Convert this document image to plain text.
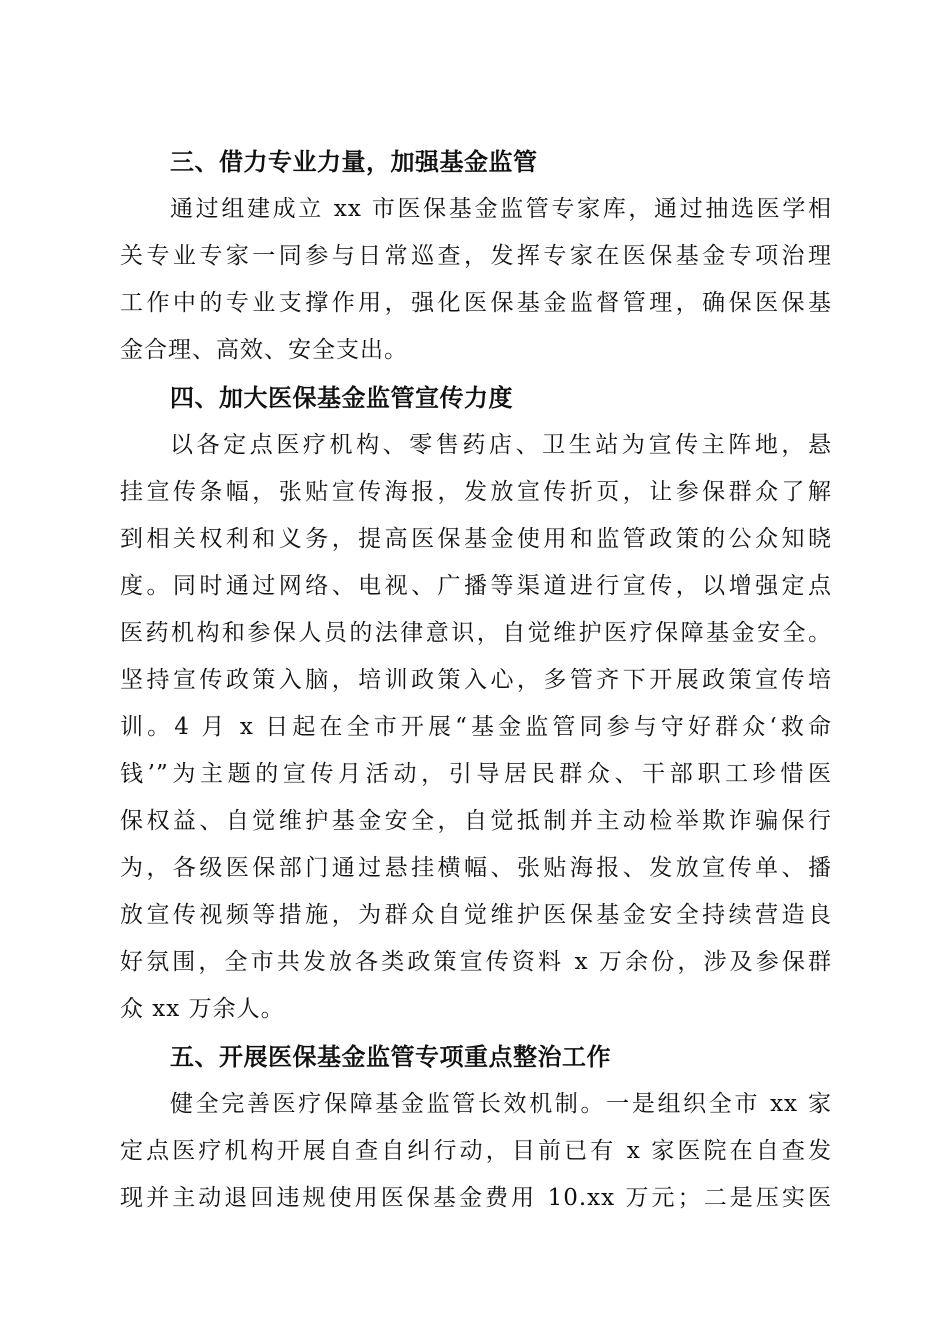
三、借力专业力量，加强基金监管
通过组建成立 xx 市医保基金监管专家库，通过抽选医学相
关专业专家一同参与日常巡查，发挥专家在医保基金专项治理
工作中的专业支撑作用，强化医保基金监督管理，确保医保基
金合理、高效、安全支出。
四、加大医保基金监管宣传力度
以各定点医疗机构、零售药店、卫生站为宣传主阵地，悬
挂宣传条幅，张贴宣传海报，发放宣传折页，让参保群众了解
到相关权利和义务，提高医保基金使用和监管政策的公众知晓
度。同时通过网络、电视、广播等渠道进行宣传，以增强定点
医药机构和参保人员的法律意识，自觉维护医疗保障基金安全。
坚持宣传政策入脑，培训政策入心，多管齐下开展政策宣传培
训。4 月 x 日起在全市开展“基金监管同参与守好群众‘救命
钱’”为主题的宣传月活动，引导居民群众、干部职工珍惜医
保权益、自觉维护基金安全，自觉抵制并主动检举欺诈骗保行
为，各级医保部门通过悬挂横幅、张贴海报、发放宣传单、播
放宣传视频等措施，为群众自觉维护医保基金安全持续营造良
好氛围，全市共发放各类政策宣传资料 x 万余份，涉及参保群
众 xx 万余人。
五、开展医保基金监管专项重点整治工作
健全完善医疗保障基金监管长效机制。一是组织全市 xx 家
定点医疗机构开展自查自纠行动，目前已有 x 家医院在自查发
现并主动退回违规使用医保基金费用 10.xx 万元；二是压实医
